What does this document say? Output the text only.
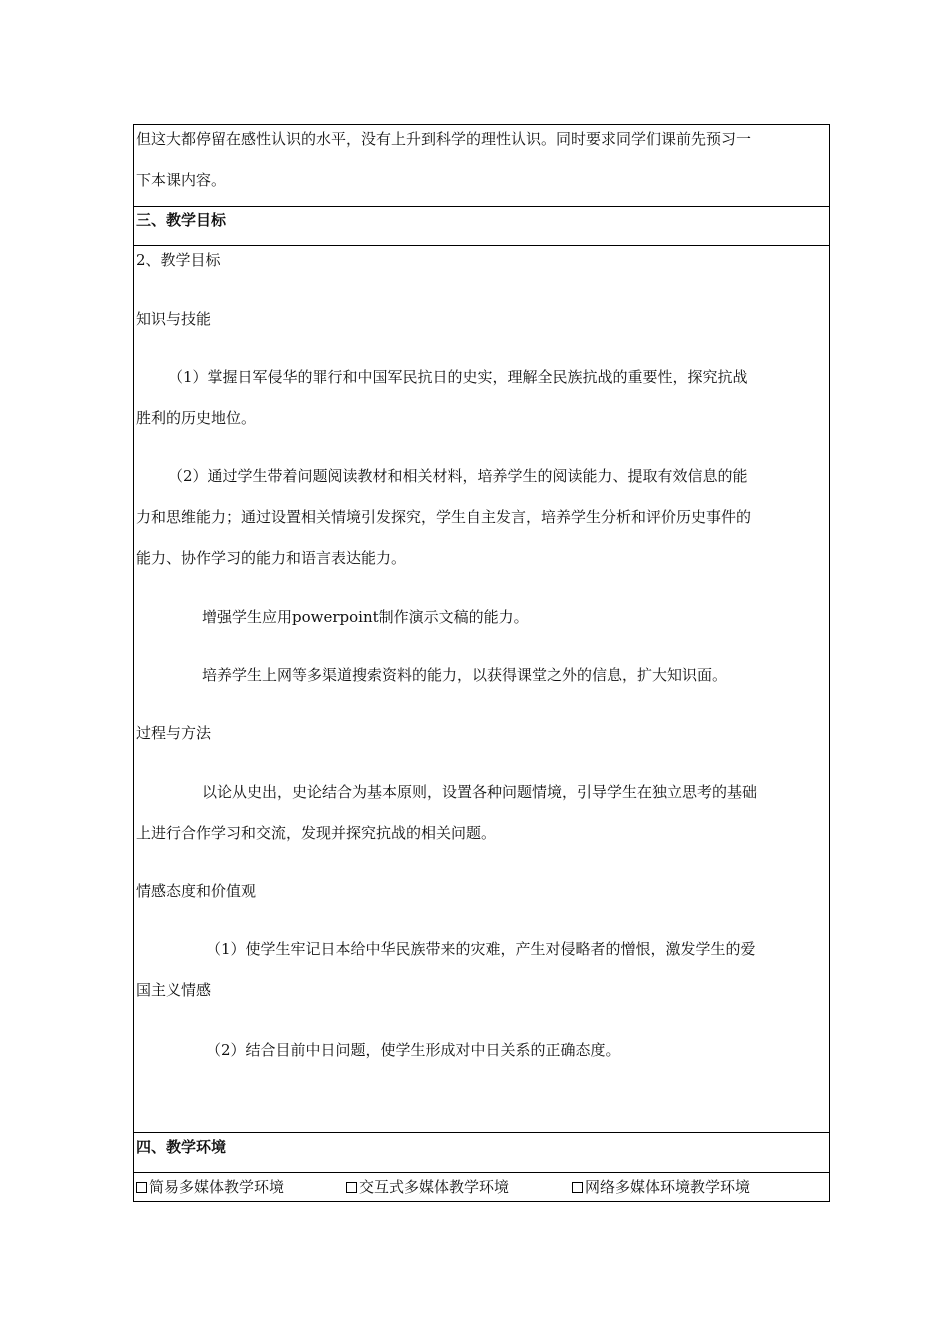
但这大都停留在感性认识的水平，没有上升到科学的理性认识。同时要求同学们课前先预习一
下本课内容。
三、教学目标
2、教学目标
知识与技能
（1）掌握日军侵华的罪行和中国军民抗日的史实，理解全民族抗战的重要性，探究抗战
胜利的历史地位。
（2）通过学生带着问题阅读教材和相关材料，培养学生的阅读能力、提取有效信息的能
力和思维能力；通过设置相关情境引发探究，学生自主发言，培养学生分析和评价历史事件的
能力、协作学习的能力和语言表达能力。
增强学生应用powerpoint制作演示文稿的能力。
培养学生上网等多渠道搜索资料的能力，以获得课堂之外的信息，扩大知识面。
过程与方法
以论从史出，史论结合为基本原则，设置各种问题情境，引导学生在独立思考的基础
上进行合作学习和交流，发现并探究抗战的相关问题。
情感态度和价值观
（1）使学生牢记日本给中华民族带来的灾难，产生对侵略者的憎恨，激发学生的爱
国主义情感
（2）结合目前中日问题，使学生形成对中日关系的正确态度。
四、教学环境
简易多媒体教学环境	交互式多媒体教学环境	网络多媒体环境教学环境
